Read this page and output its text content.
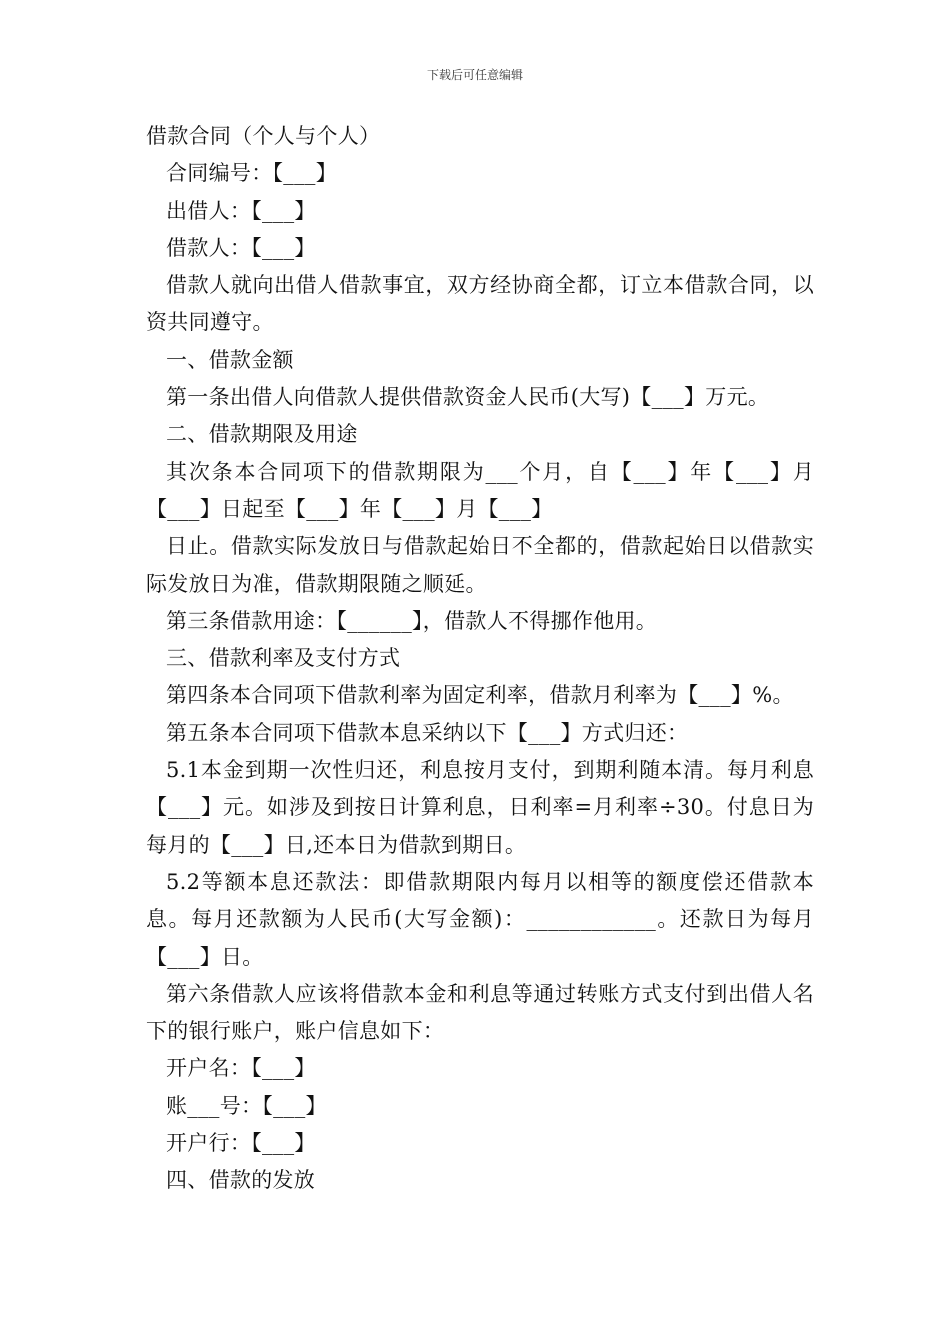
下载后可任意编辑
借款合同（个人与个人）
合同编号：【___】
出借人：【___】
借款人：【___】
借款人就向出借人借款事宜，双方经协商全都，订立本借款合同，以资共同遵守。
一、借款金额
第一条出借人向借款人提供借款资金人民币(大写)【___】万元。
二、借款期限及用途
其次条本合同项下的借款期限为___个月，自【___】年【___】月【___】日起至【___】年【___】月【___】
日止。借款实际发放日与借款起始日不全都的，借款起始日以借款实际发放日为准，借款期限随之顺延。
第三条借款用途：【______】，借款人不得挪作他用。
三、借款利率及支付方式
第四条本合同项下借款利率为固定利率，借款月利率为【___】%。
第五条本合同项下借款本息采纳以下【___】方式归还：
5.1本金到期一次性归还，利息按月支付，到期利随本清。每月利息【___】元。如涉及到按日计算利息，日利率=月利率÷30。付息日为每月的【___】日,还本日为借款到期日。
5.2等额本息还款法：即借款期限内每月以相等的额度偿还借款本息。每月还款额为人民币(大写金额)：____________。还款日为每月【___】日。
第六条借款人应该将借款本金和利息等通过转账方式支付到出借人名下的银行账户，账户信息如下：
开户名：【___】
账___号：【___】
开户行：【___】
四、借款的发放
